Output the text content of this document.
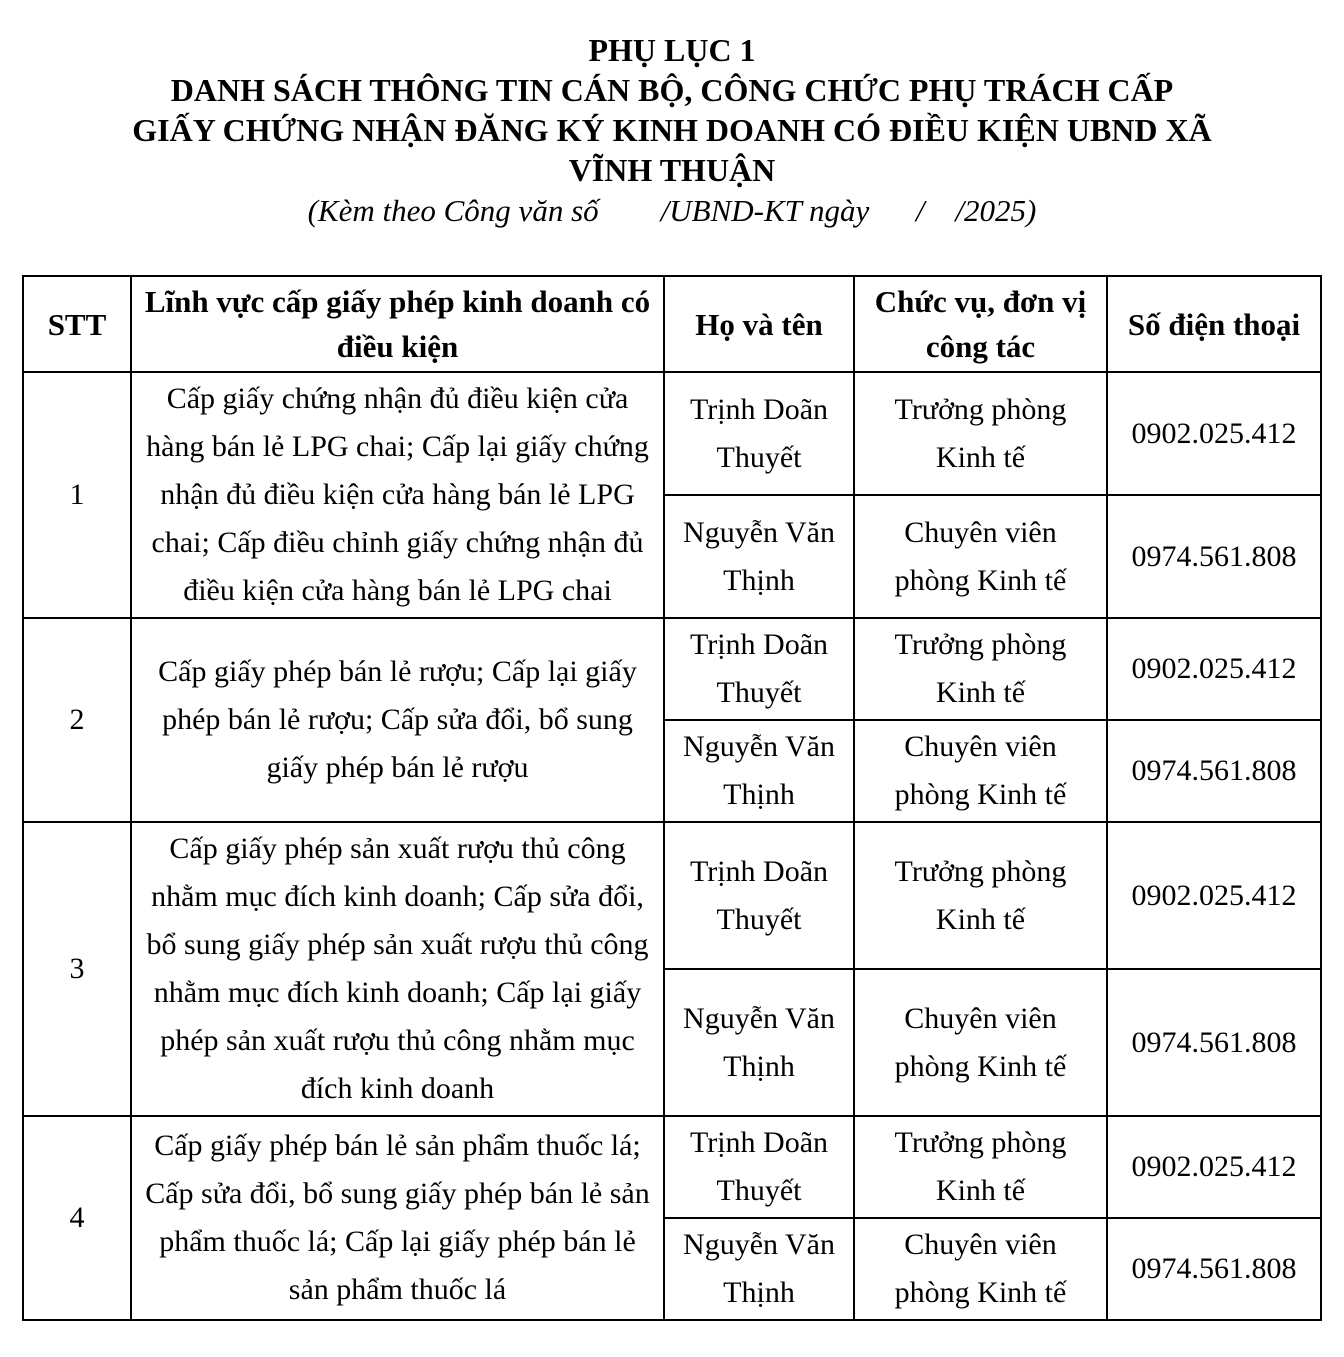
PHỤ LỤC 1
DANH SÁCH THÔNG TIN CÁN BỘ, CÔNG CHỨC PHỤ TRÁCH CẤP
GIẤY CHỨNG NHẬN ĐĂNG KÝ KINH DOANH CÓ ĐIỀU KIỆN UBND XÃ
VĨNH THUẬN
(Kèm theo Công văn số        /UBND-KT ngày      /    /2025)
STT	Lĩnh vực cấp giấy phép kinh doanh có điều kiện	Họ và tên	Chức vụ, đơn vị công tác	Số điện thoại
1	Cấp giấy chứng nhận đủ điều kiện cửa hàng bán lẻ LPG chai; Cấp lại giấy chứng nhận đủ điều kiện cửa hàng bán lẻ LPG chai; Cấp điều chỉnh giấy chứng nhận đủ điều kiện cửa hàng bán lẻ LPG chai	Trịnh Doãn Thuyết	Trưởng phòng Kinh tế	0902.025.412
		Nguyễn Văn Thịnh	Chuyên viên phòng Kinh tế	0974.561.808
2	Cấp giấy phép bán lẻ rượu; Cấp lại giấy phép bán lẻ rượu; Cấp sửa đổi, bổ sung giấy phép bán lẻ rượu	Trịnh Doãn Thuyết	Trưởng phòng Kinh tế	0902.025.412
		Nguyễn Văn Thịnh	Chuyên viên phòng Kinh tế	0974.561.808
3	Cấp giấy phép sản xuất rượu thủ công nhằm mục đích kinh doanh; Cấp sửa đổi, bổ sung giấy phép sản xuất rượu thủ công nhằm mục đích kinh doanh; Cấp lại giấy phép sản xuất rượu thủ công nhằm mục đích kinh doanh	Trịnh Doãn Thuyết	Trưởng phòng Kinh tế	0902.025.412
		Nguyễn Văn Thịnh	Chuyên viên phòng Kinh tế	0974.561.808
4	Cấp giấy phép bán lẻ sản phẩm thuốc lá; Cấp sửa đổi, bổ sung giấy phép bán lẻ sản phẩm thuốc lá; Cấp lại giấy phép bán lẻ sản phẩm thuốc lá	Trịnh Doãn Thuyết	Trưởng phòng Kinh tế	0902.025.412
		Nguyễn Văn Thịnh	Chuyên viên phòng Kinh tế	0974.561.808
